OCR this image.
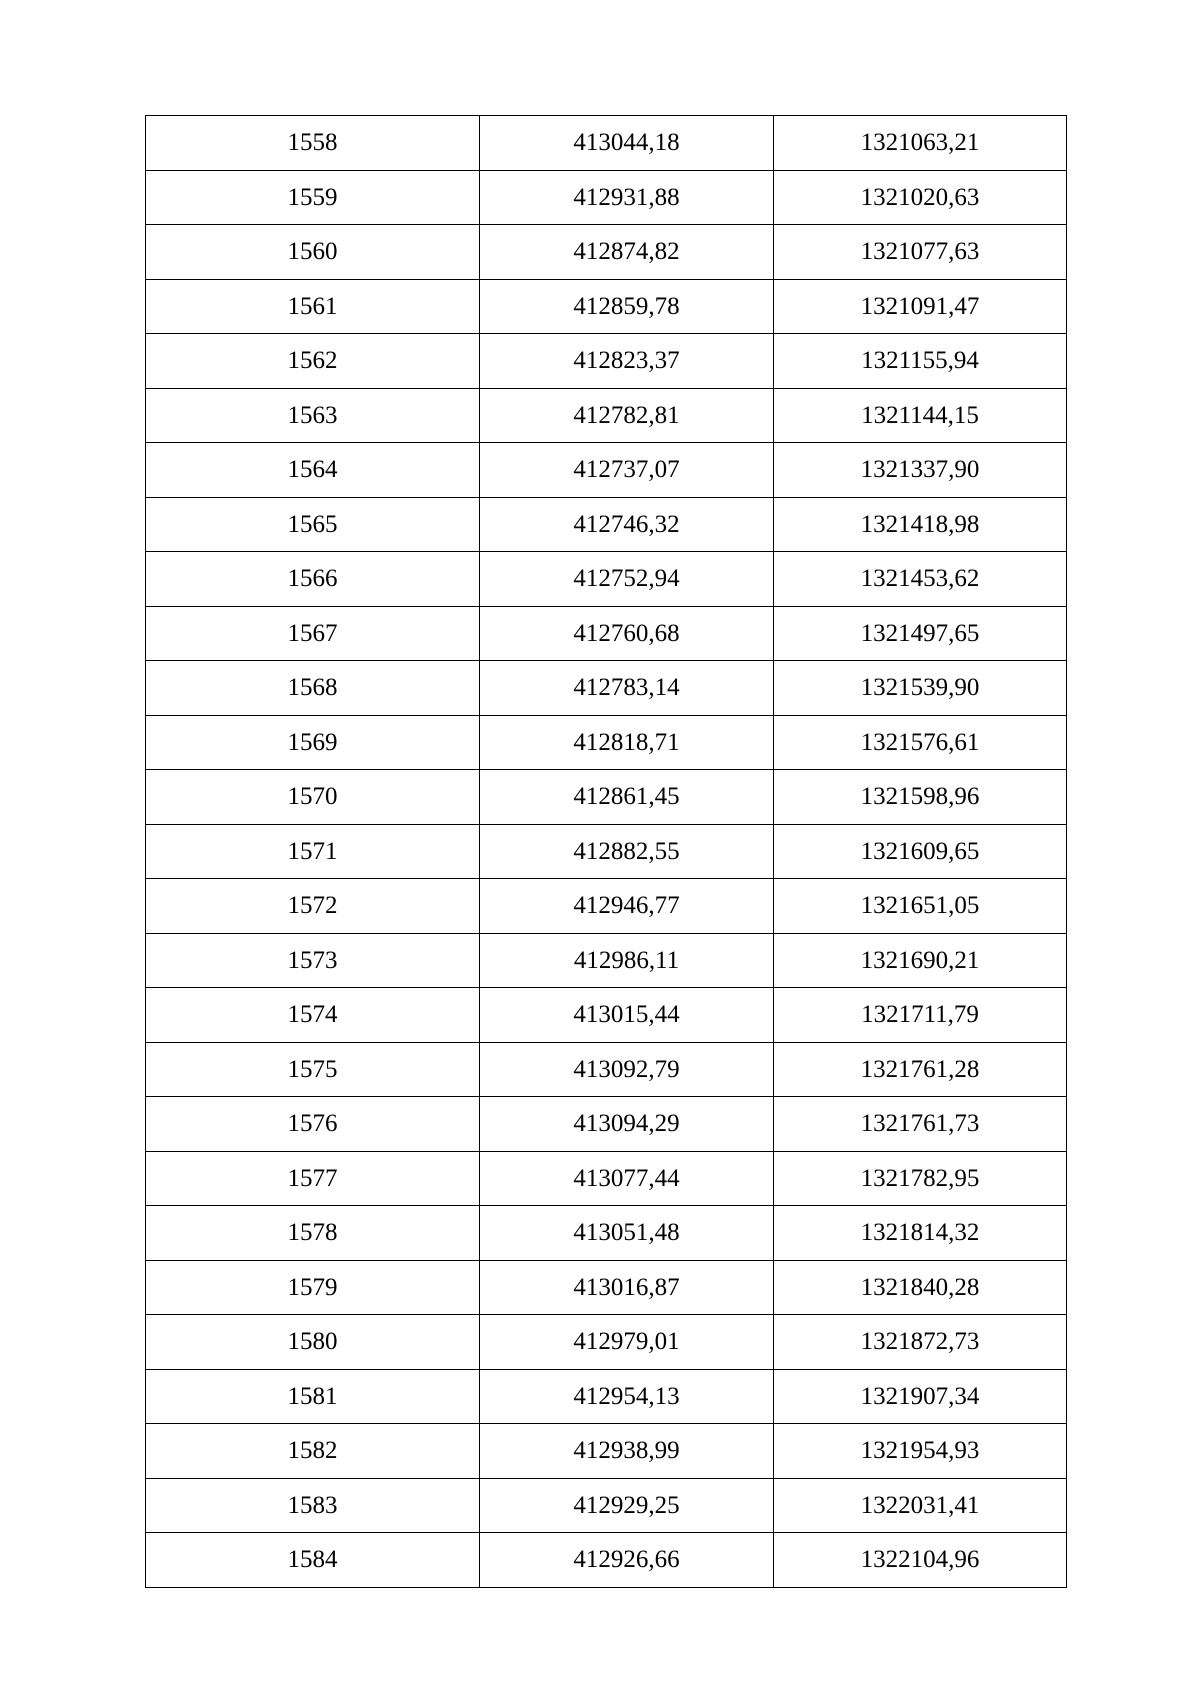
1558	413044,18	1321063,21
1559	412931,88	1321020,63
1560	412874,82	1321077,63
1561	412859,78	1321091,47
1562	412823,37	1321155,94
1563	412782,81	1321144,15
1564	412737,07	1321337,90
1565	412746,32	1321418,98
1566	412752,94	1321453,62
1567	412760,68	1321497,65
1568	412783,14	1321539,90
1569	412818,71	1321576,61
1570	412861,45	1321598,96
1571	412882,55	1321609,65
1572	412946,77	1321651,05
1573	412986,11	1321690,21
1574	413015,44	1321711,79
1575	413092,79	1321761,28
1576	413094,29	1321761,73
1577	413077,44	1321782,95
1578	413051,48	1321814,32
1579	413016,87	1321840,28
1580	412979,01	1321872,73
1581	412954,13	1321907,34
1582	412938,99	1321954,93
1583	412929,25	1322031,41
1584	412926,66	1322104,96
